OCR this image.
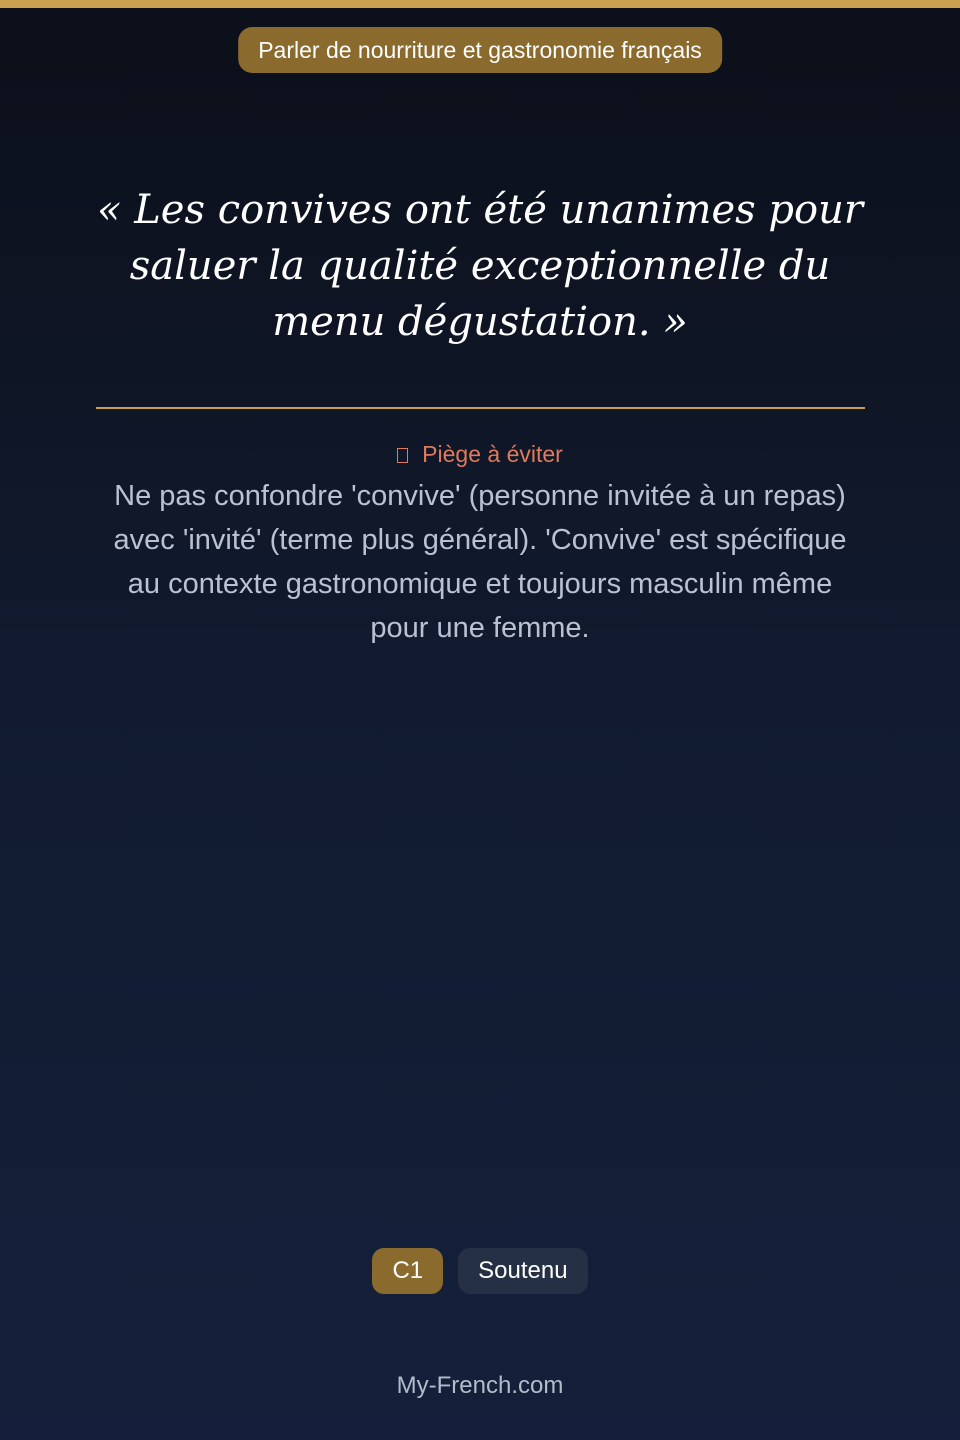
Parler de nourriture et gastronomie français

« Les convives ont été unanimes pour saluer la qualité exceptionnelle du menu dégustation. »

Piège à éviter
Ne pas confondre 'convive' (personne invitée à un repas) avec 'invité' (terme plus général). 'Convive' est spécifique au contexte gastronomique et toujours masculin même pour une femme.
C1	Soutenu
My-French.com
